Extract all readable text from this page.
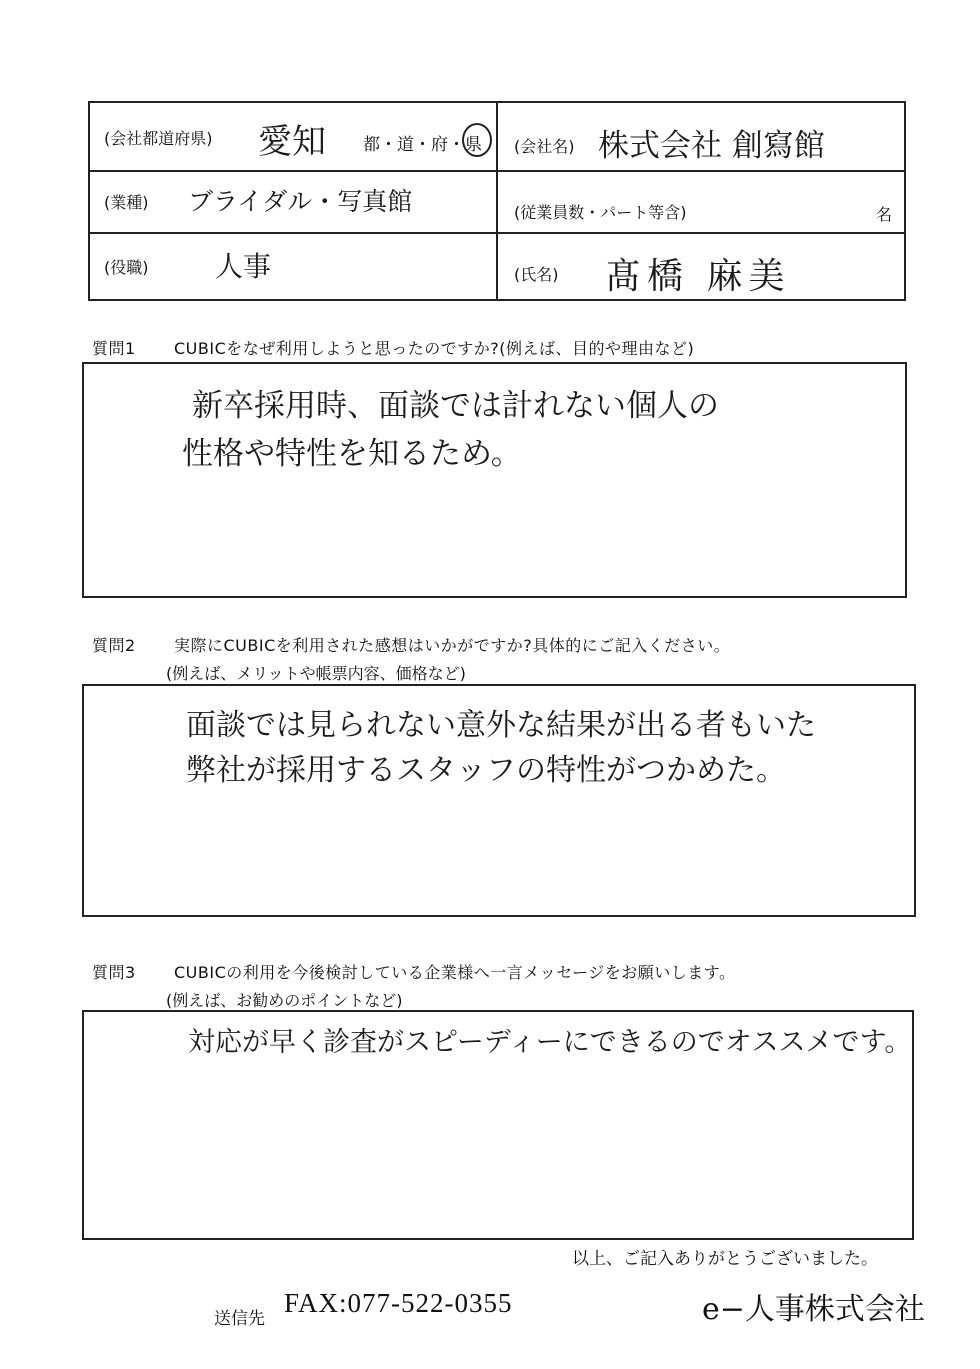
(会社都道府県) 愛知 都・道・府・県 (会社名) 株式会社 創寫館
(業種) ブライダル・写真館	(従業員数・パート等含)	名
(役職) 人事	(氏名) 髙橋 麻美
質問1 CUBICをなぜ利用しようと思ったのですか?(例えば、目的や理由など)
新卒採用時、面談では計れない個人の
性格や特性を知るため。
質問2 実際にCUBICを利用された感想はいかがですか?具体的にご記入ください。
(例えば、メリットや帳票内容、価格など)
面談では見られない意外な結果が出る者もいた
弊社が採用するスタッフの特性がつかめた。
質問3 CUBICの利用を今後検討している企業様へ一言メッセージをお願いします。
(例えば、お勧めのポイントなど)
対応が早く診査がスピーディーにできるのでオススメです。
以上、ご記入ありがとうございました。
送信先
FAX:077-522-0355	e−人事株式会社
